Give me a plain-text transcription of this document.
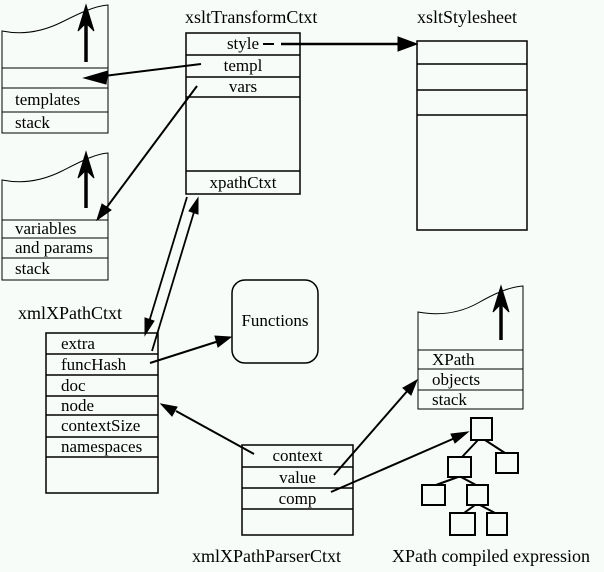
xsltTransformCtxt	xsltStylesheet
xmlXPathCtxt
xmlXPathParserCtxt	XPath compiled expression
style
templ
vars
xpathCtxt
extra
funcHash
doc
node
contextSize
namespaces	context
value
comp
templates
stack
variables
and params
stack
XPath
objects
stack
Functions
